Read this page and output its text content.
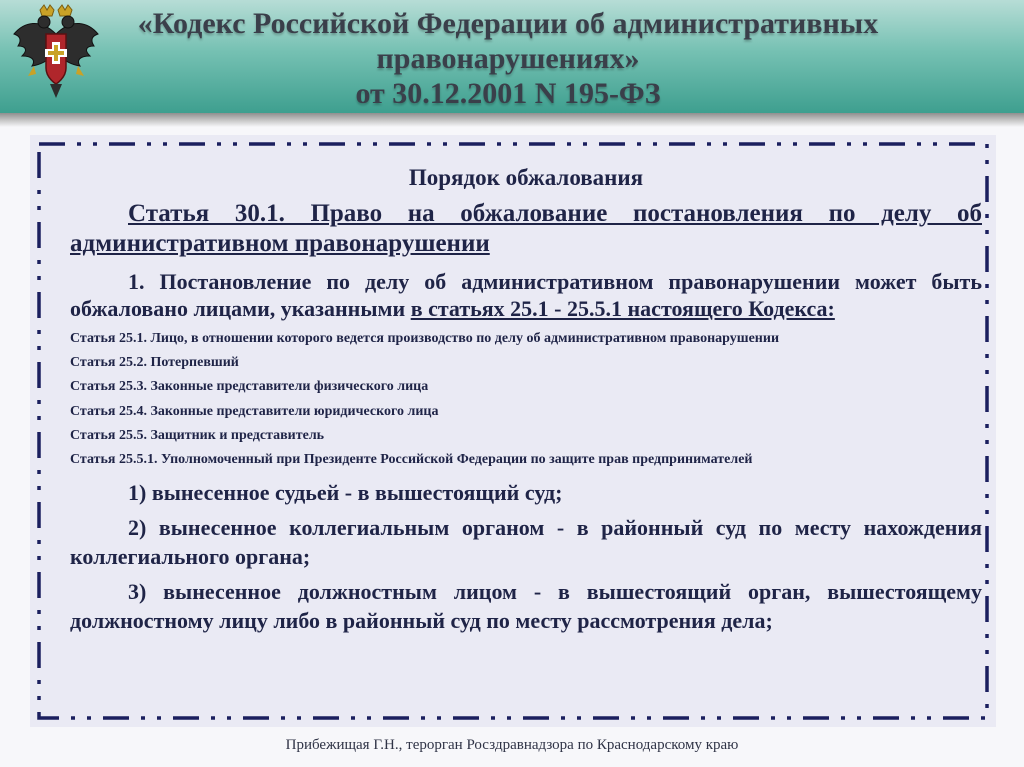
«Кодекс Российской Федерации об административных
правонарушениях»
от 30.12.2001 N 195-ФЗ
Порядок обжалования
Статья 30.1. Право на обжалование постановления по делу об административном правонарушении
1. Постановление по делу об административном правонарушении может быть обжаловано лицами, указанными в статьях 25.1 - 25.5.1 настоящего Кодекса:
Статья 25.1. Лицо, в отношении которого ведется производство по делу об административном правонарушении
Статья 25.2. Потерпевший
Статья 25.3. Законные представители физического лица
Статья 25.4. Законные представители юридического лица
Статья 25.5. Защитник и представитель
Статья 25.5.1. Уполномоченный при Президенте Российской Федерации по защите прав предпринимателей
1) вынесенное судьей - в вышестоящий суд;
2) вынесенное коллегиальным органом - в районный суд по месту нахождения коллегиального органа;
3) вынесенное должностным лицом - в вышестоящий орган, вышестоящему должностному лицу либо в районный суд по месту рассмотрения дела;
Прибежищая Г.Н., терорган Росздравнадзора по Краснодарскому краю
